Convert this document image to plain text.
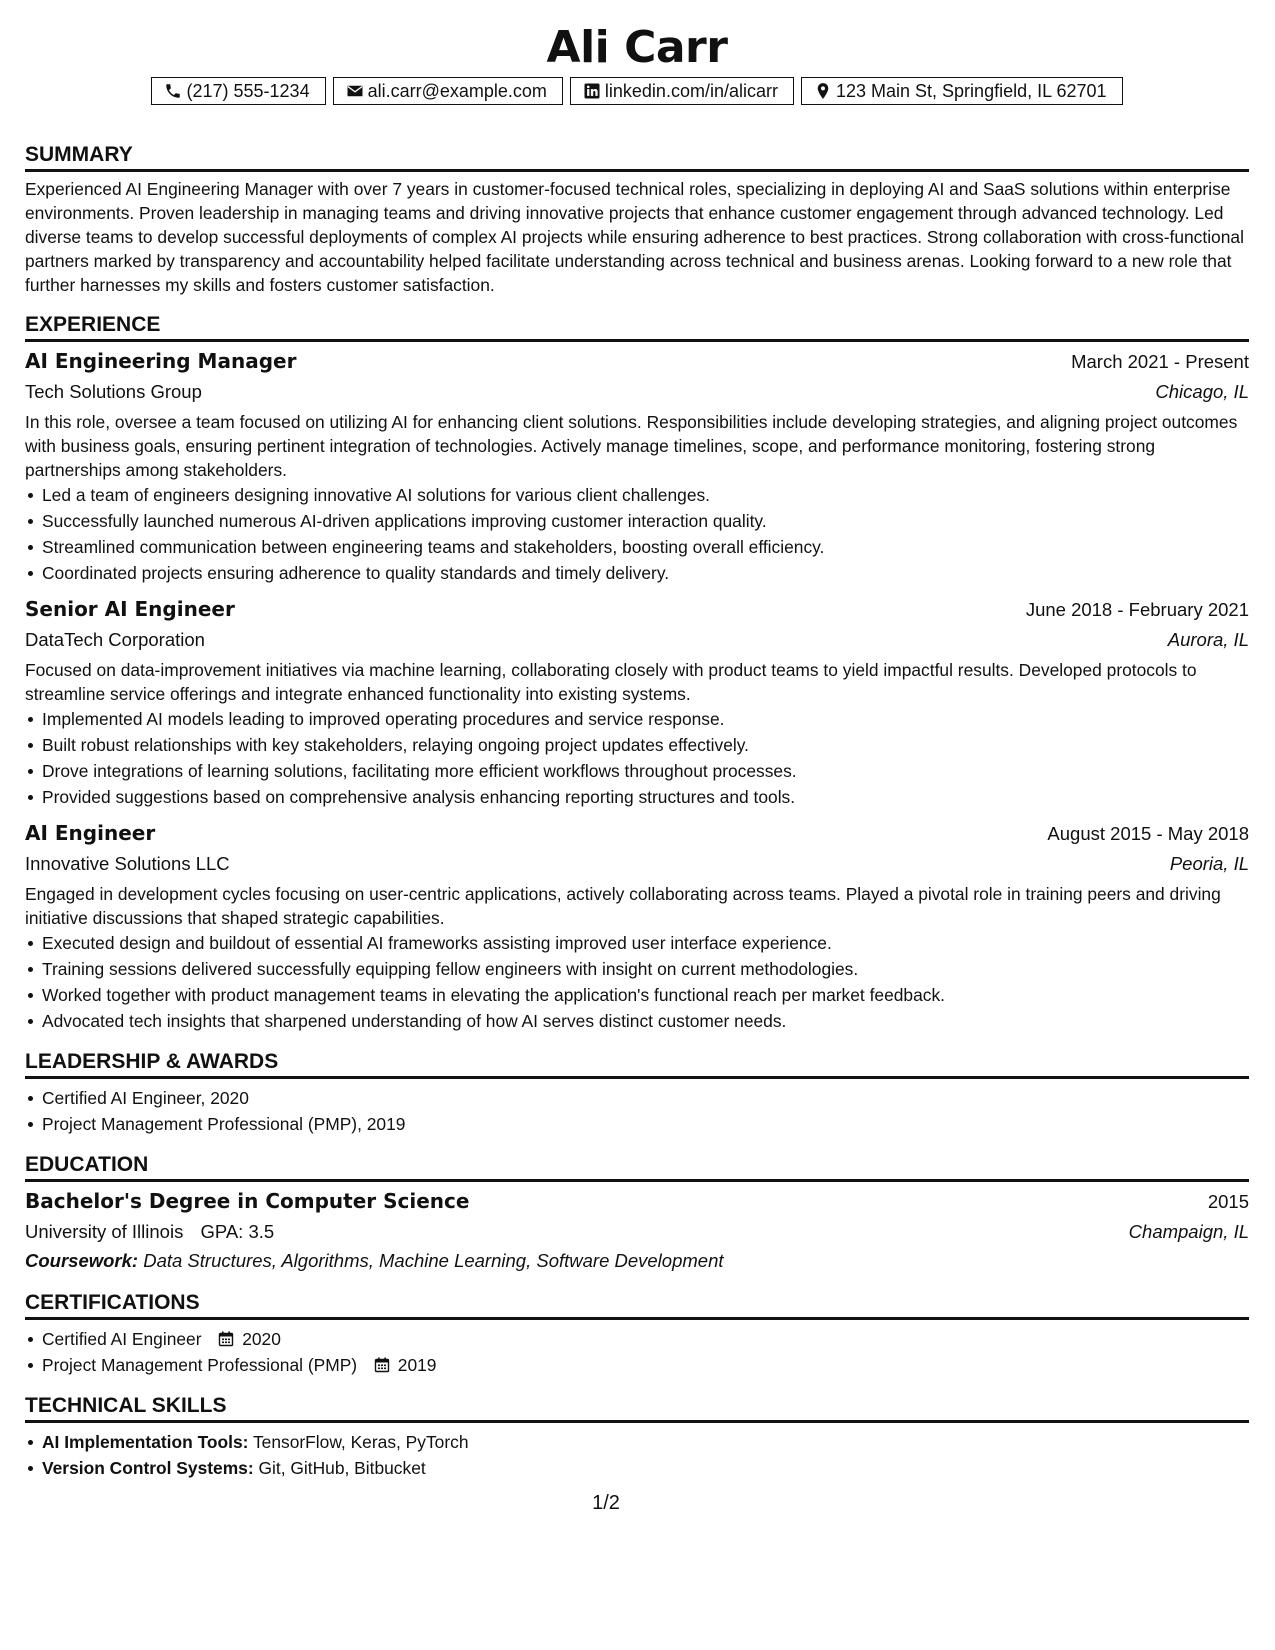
Ali Carr
(217) 555-1234	ali.carr@example.com	linkedin.com/in/alicarr	123 Main St, Springfield, IL 62701
SUMMARY

Experienced AI Engineering Manager with over 7 years in customer-focused technical roles, specializing in deploying AI and SaaS solutions within enterprise environments. Proven leadership in managing teams and driving innovative projects that enhance customer engagement through advanced technology. Led diverse teams to develop successful deployments of complex AI projects while ensuring adherence to best practices. Strong collaboration with cross-functional partners marked by transparency and accountability helped facilitate understanding across technical and business arenas. Looking forward to a new role that further harnesses my skills and fosters customer satisfaction.

EXPERIENCE
AI Engineering Manager	March 2021 - Present
Tech Solutions Group	Chicago, IL

In this role, oversee a team focused on utilizing AI for enhancing client solutions. Responsibilities include developing strategies, and aligning project outcomes with business goals, ensuring pertinent integration of technologies. Actively manage timelines, scope, and performance monitoring, fostering strong partnerships among stakeholders.

Led a team of engineers designing innovative AI solutions for various client challenges.
Successfully launched numerous AI-driven applications improving customer interaction quality.
Streamlined communication between engineering teams and stakeholders, boosting overall efficiency.
Coordinated projects ensuring adherence to quality standards and timely delivery.
Senior AI Engineer	June 2018 - February 2021
DataTech Corporation	Aurora, IL

Focused on data-improvement initiatives via machine learning, collaborating closely with product teams to yield impactful results. Developed protocols to streamline service offerings and integrate enhanced functionality into existing systems.

Implemented AI models leading to improved operating procedures and service response.
Built robust relationships with key stakeholders, relaying ongoing project updates effectively.
Drove integrations of learning solutions, facilitating more efficient workflows throughout processes.
Provided suggestions based on comprehensive analysis enhancing reporting structures and tools.
AI Engineer	August 2015 - May 2018
Innovative Solutions LLC	Peoria, IL

Engaged in development cycles focusing on user-centric applications, actively collaborating across teams. Played a pivotal role in training peers and driving initiative discussions that shaped strategic capabilities.

Executed design and buildout of essential AI frameworks assisting improved user interface experience.
Training sessions delivered successfully equipping fellow engineers with insight on current methodologies.
Worked together with product management teams in elevating the application's functional reach per market feedback.
Advocated tech insights that sharpened understanding of how AI serves distinct customer needs.
LEADERSHIP & AWARDS
Certified AI Engineer, 2020
Project Management Professional (PMP), 2019
EDUCATION
Bachelor's Degree in Computer Science	2015
University of Illinois GPA: 3.5	Champaign, IL
Coursework: Data Structures, Algorithms, Machine Learning, Software Development
CERTIFICATIONS
Certified AI Engineer 2020
Project Management Professional (PMP) 2019
TECHNICAL SKILLS
AI Implementation Tools: TensorFlow, Keras, PyTorch
Version Control Systems: Git, GitHub, Bitbucket
1/2
